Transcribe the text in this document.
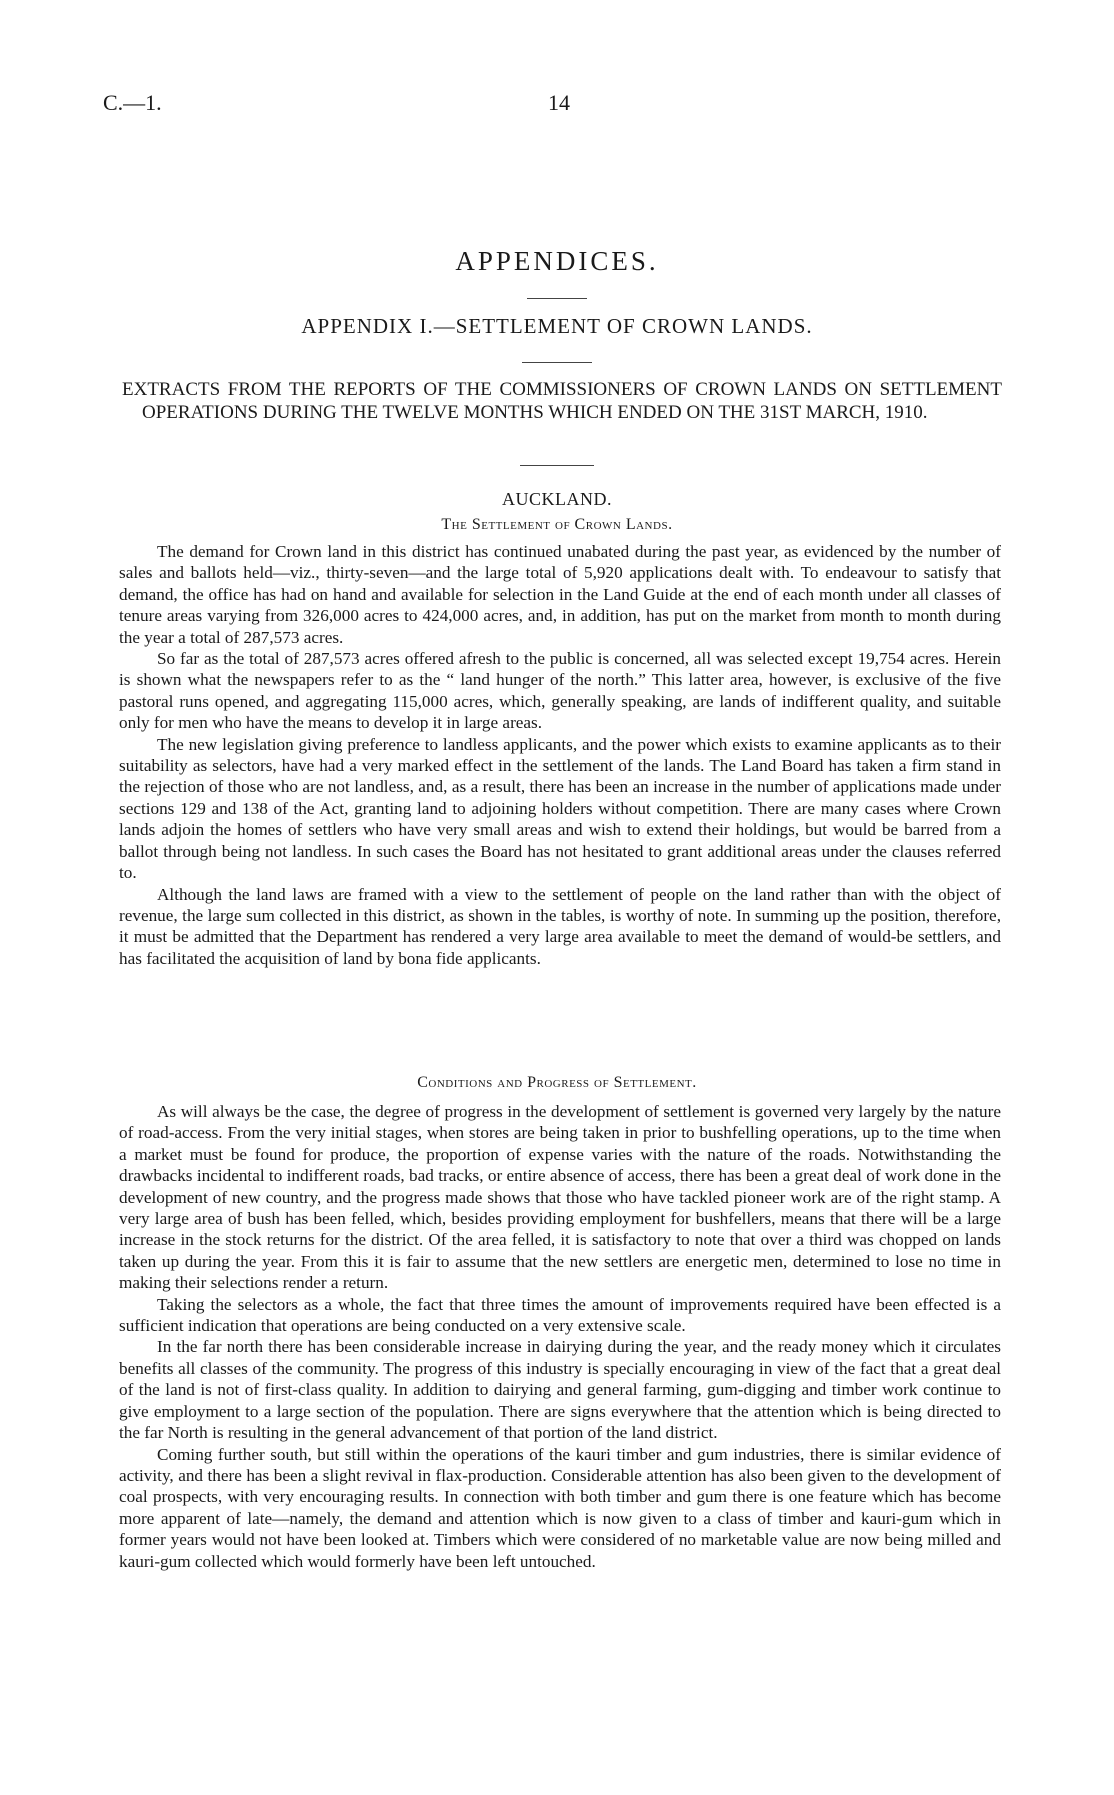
C.—1.	14
APPENDICES.
APPENDIX I.—SETTLEMENT OF CROWN LANDS.
EXTRACTS FROM THE REPORTS OF THE COMMISSIONERS OF CROWN LANDS ON SETTLEMENT OPERATIONS DURING THE TWELVE MONTHS WHICH ENDED ON THE 31ST MARCH, 1910.
AUCKLAND.
The Settlement of Crown Lands.

The demand for Crown land in this district has continued unabated during the past year, as evidenced by the number of sales and ballots held—viz., thirty-seven—and the large total of 5,920 applications dealt with. To endeavour to satisfy that demand, the office has had on hand and available for selection in the Land Guide at the end of each month under all classes of tenure areas varying from 326,000 acres to 424,000 acres, and, in addition, has put on the market from month to month during the year a total of 287,573 acres.

So far as the total of 287,573 acres offered afresh to the public is concerned, all was selected except 19,754 acres. Herein is shown what the newspapers refer to as the “ land hunger of the north.” This latter area, however, is exclusive of the five pastoral runs opened, and aggregating 115,000 acres, which, generally speaking, are lands of indifferent quality, and suitable only for men who have the means to develop it in large areas.

The new legislation giving preference to landless applicants, and the power which exists to examine applicants as to their suitability as selectors, have had a very marked effect in the settlement of the lands. The Land Board has taken a firm stand in the rejection of those who are not landless, and, as a result, there has been an increase in the number of applications made under sections 129 and 138 of the Act, granting land to adjoining holders without competition. There are many cases where Crown lands adjoin the homes of settlers who have very small areas and wish to extend their holdings, but would be barred from a ballot through being not landless. In such cases the Board has not hesitated to grant additional areas under the clauses referred to.

Although the land laws are framed with a view to the settlement of people on the land rather than with the object of revenue, the large sum collected in this district, as shown in the tables, is worthy of note. In summing up the position, therefore, it must be admitted that the Department has rendered a very large area available to meet the demand of would-be settlers, and has facilitated the acquisition of land by bona fide applicants.

Conditions and Progress of Settlement.

As will always be the case, the degree of progress in the development of settlement is governed very largely by the nature of road-access. From the very initial stages, when stores are being taken in prior to bushfelling operations, up to the time when a market must be found for produce, the proportion of expense varies with the nature of the roads. Notwithstanding the drawbacks incidental to indifferent roads, bad tracks, or entire absence of access, there has been a great deal of work done in the development of new country, and the progress made shows that those who have tackled pioneer work are of the right stamp. A very large area of bush has been felled, which, besides providing employment for bushfellers, means that there will be a large increase in the stock returns for the district. Of the area felled, it is satisfactory to note that over a third was chopped on lands taken up during the year. From this it is fair to assume that the new settlers are energetic men, determined to lose no time in making their selections render a return.

Taking the selectors as a whole, the fact that three times the amount of improvements required have been effected is a sufficient indication that operations are being conducted on a very extensive scale.

In the far north there has been considerable increase in dairying during the year, and the ready money which it circulates benefits all classes of the community. The progress of this industry is specially encouraging in view of the fact that a great deal of the land is not of first-class quality. In addition to dairying and general farming, gum-digging and timber work continue to give employment to a large section of the population. There are signs everywhere that the attention which is being directed to the far North is resulting in the general advancement of that portion of the land district.

Coming further south, but still within the operations of the kauri timber and gum industries, there is similar evidence of activity, and there has been a slight revival in flax-production. Considerable attention has also been given to the development of coal prospects, with very encouraging results. In connection with both timber and gum there is one feature which has become more apparent of late—namely, the demand and attention which is now given to a class of timber and kauri-gum which in former years would not have been looked at. Timbers which were considered of no marketable value are now being milled and kauri-gum collected which would formerly have been left untouched.
